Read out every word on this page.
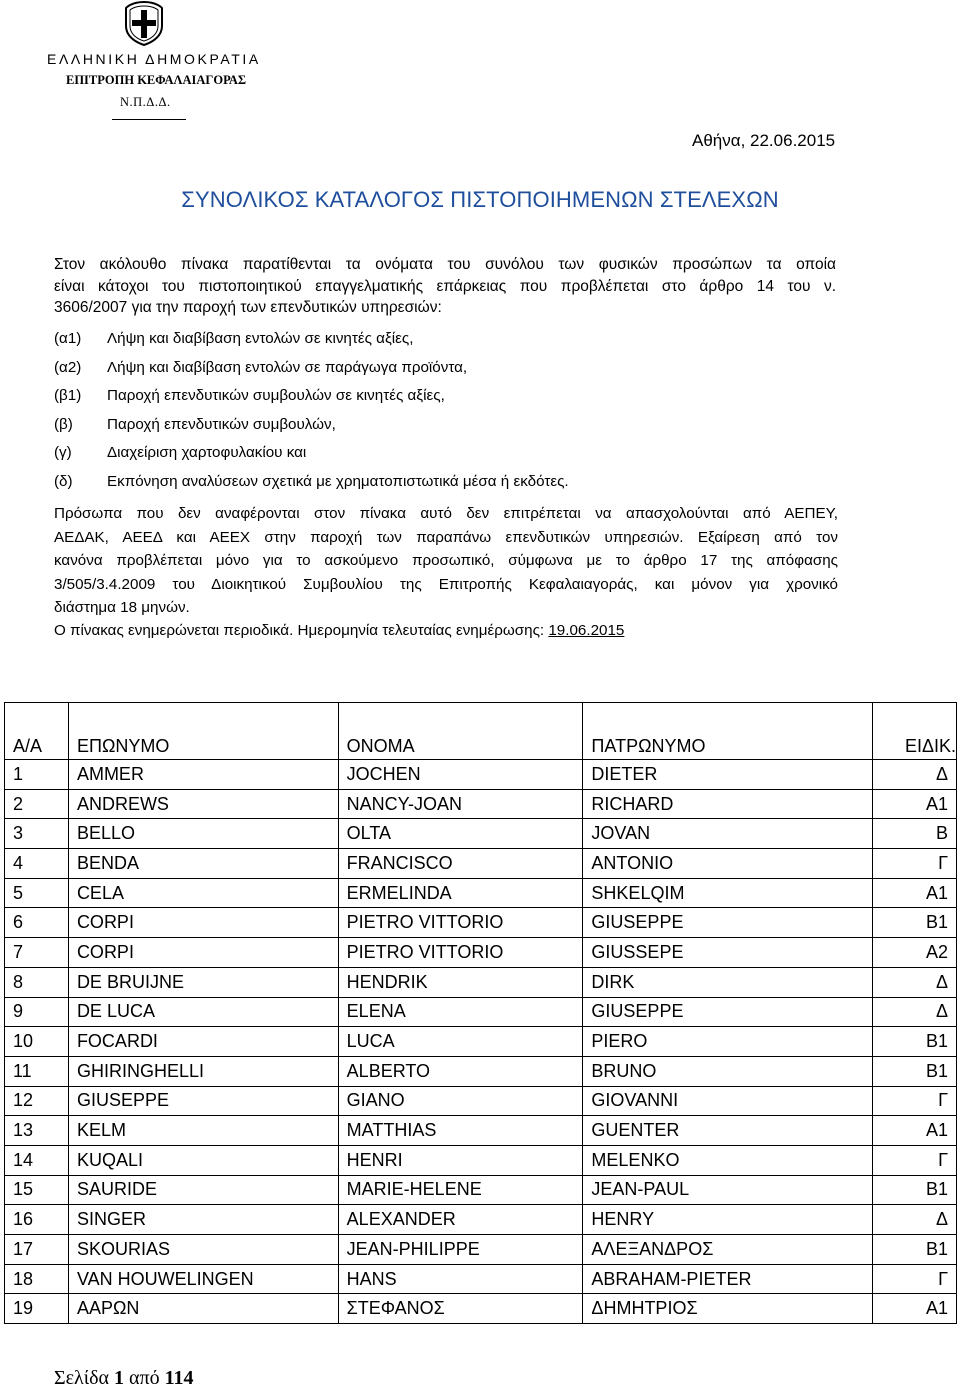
ΕΛΛΗΝΙΚΗ ΔΗΜΟΚΡΑΤΙΑ
ΕΠΙΤΡΟΠΗ ΚΕΦΑΛΑΙΑΓΟΡΑΣ
Ν.Π.Δ.Δ.
Αθήνα, 22.06.2015
ΣΥΝΟΛΙΚΟΣ ΚΑΤΑΛΟΓΟΣ ΠΙΣΤΟΠΟΙΗΜΕΝΩΝ ΣΤΕΛΕΧΩΝ
Στον ακόλουθο πίνακα παρατίθενται τα ονόματα του συνόλου των φυσικών προσώπων τα οποία
είναι κάτοχοι του πιστοποιητικού επαγγελματικής επάρκειας που προβλέπεται στο άρθρο 14 του ν.
3606/2007 για την παροχή των επενδυτικών υπηρεσιών:
(α1) Λήψη και διαβίβαση εντολών σε κινητές αξίες,
(α2) Λήψη και διαβίβαση εντολών σε παράγωγα προϊόντα,
(β1) Παροχή επενδυτικών συμβουλών σε κινητές αξίες,
(β) Παροχή επενδυτικών συμβουλών,
(γ) Διαχείριση χαρτοφυλακίου και
(δ) Εκπόνηση αναλύσεων σχετικά με χρηματοπιστωτικά μέσα ή εκδότες.
Πρόσωπα που δεν αναφέρονται στον πίνακα αυτό δεν επιτρέπεται να απασχολούνται από ΑΕΠΕΥ,
ΑΕΔΑΚ, ΑΕΕΔ και ΑΕΕΧ στην παροχή των παραπάνω επενδυτικών υπηρεσιών. Εξαίρεση από τον
κανόνα προβλέπεται μόνο για το ασκούμενο προσωπικό, σύμφωνα με το άρθρο 17 της απόφασης
3/505/3.4.2009 του Διοικητικού Συμβουλίου της Επιτροπής Κεφαλαιαγοράς, και μόνον για χρονικό
διάστημα 18 μηνών.
Ο πίνακας ενημερώνεται περιοδικά. Ημερομηνία τελευταίας ενημέρωσης: 19.06.2015
Α/Α	ΕΠΩΝΥΜΟ	ΟΝΟΜΑ	ΠΑΤΡΩΝΥΜΟ	ΕΙΔΙΚ.
1	AMMER	JOCHEN	DIETER	Δ
2	ANDREWS	NANCY-JOAN	RICHARD	Α1
3	BELLO	OLTA	JOVAN	Β
4	BENDA	FRANCISCO	ANTONIO	Γ
5	CELA	ERMELINDA	SHKELQIM	Α1
6	CORPI	PIETRO VITTORIO	GIUSEPPE	Β1
7	CORPI	PIETRO VITTORIO	GIUSSEPE	Α2
8	DE BRUIJNE	HENDRIK	DIRK	Δ
9	DE LUCA	ELENA	GIUSEPPE	Δ
10	FOCARDI	LUCA	PIERO	Β1
11	GHIRINGHELLI	ALBERTO	BRUNO	Β1
12	GIUSEPPE	GIANO	GIOVANNI	Γ
13	KELM	MATTHIAS	GUENTER	Α1
14	KUQALI	HENRI	MELENKO	Γ
15	SAURIDE	MARIE-HELENE	JEAN-PAUL	Β1
16	SINGER	ALEXANDER	HENRY	Δ
17	SKOURIAS	JEAN-PHILIPPE	ΑΛΕΞΑΝΔΡΟΣ	Β1
18	VAN HOUWELINGEN	HANS	ABRAHAM-PIETER	Γ
19	ΑΑΡΩΝ	ΣΤΕΦΑΝΟΣ	ΔΗΜΗΤΡΙΟΣ	Α1
Σελίδα 1 από 114
